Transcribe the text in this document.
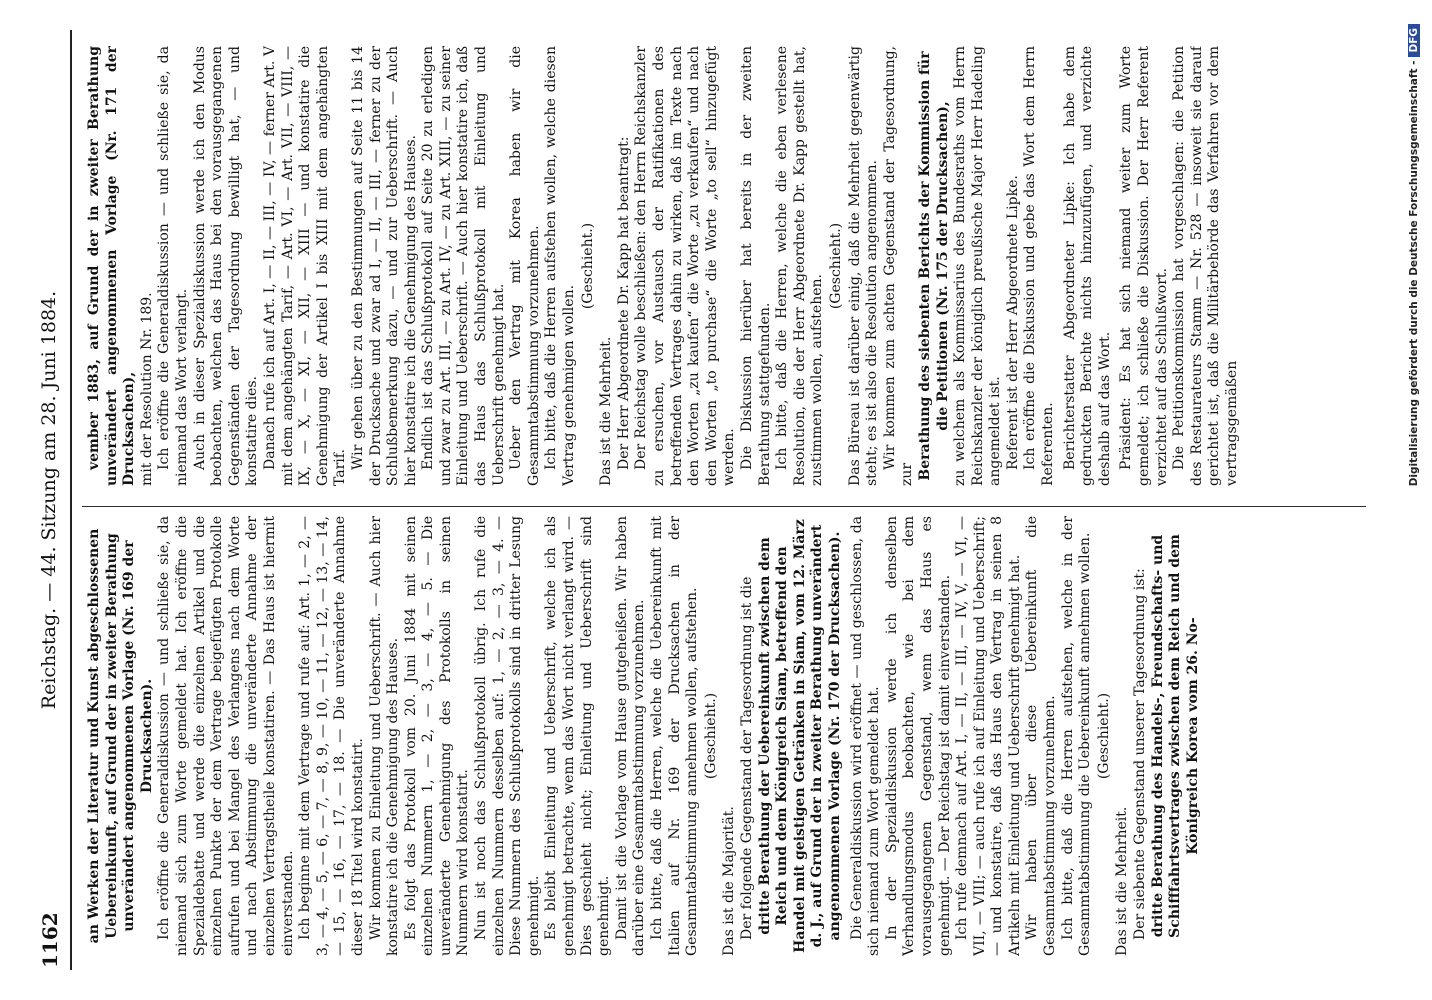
1162
Reichstag. — 44. Sitzung am 28. Juni 1884.

an Werken der Literatur und Kunst abgeschlossenen Uebereinkunft, auf Grund der in zweiter Berathung unverändert angenommenen Vorlage (Nr. 169 der Drucksachen). Ich eröffne die Generaldiskussion — und schließe sie, da niemand sich zum Worte gemeldet hat. Ich eröffne die Spezialdebatte und werde die einzelnen Artikel und die einzelnen Punkte der dem Vertrage beigefügten Protokolle aufrufen und bei Mangel des Verlangens nach dem Worte und nach Abstimmung die unveränderte Annahme der einzelnen Vertragstheile konstatiren. — Das Haus ist hiermit einverstanden. Ich beginne mit dem Vertrage und rufe auf: Art. 1, — 2, — 3, — 4, — 5, — 6, — 7, — 8, 9, — 10, — 11, — 12, — 13, — 14, — 15, — 16, — 17, — 18. — Die unveränderte Annahme dieser 18 Titel wird konstatirt. Wir kommen zu Einleitung und Ueberschrift. — Auch hier konstatire ich die Genehmigung des Hauses. Es folgt das Protokoll vom 20. Juni 1884 mit seinen einzelnen Nummern 1, — 2, — 3, — 4, — 5. — Die unveränderte Genehmigung des Protokolls in seinen Nummern wird konstatirt. Nun ist noch das Schlußprotokoll übrig. Ich rufe die einzelnen Nummern desselben auf: 1, — 2, — 3, — 4. — Diese Nummern des Schlußprotokolls sind in dritter Lesung genehmigt. Es bleibt Einleitung und Ueberschrift, welche ich als genehmigt betrachte, wenn das Wort nicht verlangt wird. — Dies geschieht nicht; Einleitung und Ueberschrift sind genehmigt. Damit ist die Vorlage vom Hause gutgeheißen. Wir haben darüber eine Gesammtabstimmung vorzunehmen. Ich bitte, daß die Herren, welche die Uebereinkunft mit Italien auf Nr. 169 der Drucksachen in der Gesammtabstimmung annehmen wollen, aufstehen. (Geschieht.)

Das ist die Majorität. Der folgende Gegenstand der Tagesordnung ist die dritte Berathung der Uebereinkunft zwischen dem Reich und dem Königreich Siam, betreffend den Handel mit geistigen Getränken in Siam, vom 12. März d. J., auf Grund der in zweiter Berathung unverändert angenommenen Vorlage (Nr. 170 der Drucksachen). Die Generaldiskussion wird eröffnet — und geschlossen, da sich niemand zum Wort gemeldet hat. In der Spezialdiskussion werde ich denselben Verhandlungsmodus beobachten, wie bei dem vorausgegangenen Gegenstand, wenn das Haus es genehmigt. — Der Reichstag ist damit einverstanden. Ich rufe demnach auf Art. I, — II, — III, — IV, V, — VI, — VII, — VIII; — auch rufe ich auf Einleitung und Ueberschrift; — und konstatire, daß das Haus den Vertrag in seinen 8 Artikeln mit Einleitung und Ueberschrift genehmigt hat. Wir haben über diese Uebereinkunft die Gesammtabstimmung vorzunehmen. Ich bitte, daß die Herren aufstehen, welche in der Gesammtabstimmung die Uebereinkunft annehmen wollen. (Geschieht.)

Das ist die Mehrheit. Der siebente Gegenstand unserer Tagesordnung ist: dritte Berathung des Handels-, Freundschafts- und Schifffahrtsvertrages zwischen dem Reich und dem Königreich Korea vom 26. No-

vember 1883, auf Grund der in zweiter Berathung unverändert angenommenen Vorlage (Nr. 171 der Drucksachen), mit der Resolution Nr. 189. Ich eröffne die Generaldiskussion — und schließe sie, da niemand das Wort verlangt. Auch in dieser Spezialdiskussion werde ich den Modus beobachten, welchen das Haus bei den vorausgegangenen Gegenständen der Tagesordnung bewilligt hat, — und konstatire dies. Danach rufe ich auf Art. I, — II, — III, — IV, — ferner Art. V mit dem angehängten Tarif, — Art. VI, — Art. VII, — VIII, — IX, — X, — XI, — XII, — XIII — und konstatire die Genehmigung der Artikel I bis XIII mit dem angehängten Tarif. Wir gehen über zu den Bestimmungen auf Seite 11 bis 14 der Drucksache und zwar ad I, — II, — III, — ferner zu der Schlußbemerkung dazu, — und zur Ueberschrift. — Auch hier konstatire ich die Genehmigung des Hauses. Endlich ist das Schlußprotokoll auf Seite 20 zu erledigen und zwar zu Art. III, — zu Art. IV, — zu Art. XIII, — zu seiner Einleitung und Ueberschrift. — Auch hier konstatire ich, daß das Haus das Schlußprotokoll mit Einleitung und Ueberschrift genehmigt hat. Ueber den Vertrag mit Korea haben wir die Gesammtabstimmung vorzunehmen. Ich bitte, daß die Herren aufstehen wollen, welche diesen Vertrag genehmigen wollen.

(Geschieht.)

Das ist die Mehrheit. Der Herr Abgeordnete Dr. Kapp hat beantragt: Der Reichstag wolle beschließen: den Herrn Reichskanzler zu ersuchen, vor Austausch der Ratifikationen des betreffenden Vertrages dahin zu wirken, daß im Texte nach den Worten „zu kaufen“ die Worte „zu verkaufen“ und nach den Worten „to purchase“ die Worte „to sell“ hinzugefügt werden. Die Diskussion hierüber hat bereits in der zweiten Berathung stattgefunden. Ich bitte, daß die Herren, welche die eben verlesene Resolution, die der Herr Abgeordnete Dr. Kapp gestellt hat, zustimmen wollen, aufstehen.

(Geschieht.) Das Büreau ist darüber einig, daß die Mehrheit gegenwärtig steht; es ist also die Resolution angenommen. Wir kommen zum achten Gegenstand der Tagesordnung, zur Berathung des siebenten Berichts der Kommission für die Petitionen (Nr. 175 der Drucksachen), zu welchem als Kommissarius des Bundesraths vom Herrn Reichskanzler der königlich preußische Major Herr Hadeling angemeldet ist. Referent ist der Herr Abgeordnete Lipke. Ich eröffne die Diskussion und gebe das Wort dem Herrn Referenten. Berichterstatter Abgeordneter Lipke: Ich habe dem gedruckten Berichte nichts hinzuzufügen, und verzichte deshalb auf das Wort. Präsident: Es hat sich niemand weiter zum Worte gemeldet; ich schließe die Diskussion. Der Herr Referent verzichtet auf das Schlußwort. Die Petitionskommission hat vorgeschlagen: die Petition des Restaurateurs Stamm — Nr. 528 — insoweit sie darauf gerichtet ist, daß die Militärbehörde das Verfahren vor dem vertragsgemäßen	Digitalisierung gefördert durch die Deutsche Forschungsgemeinschaft -DFG
